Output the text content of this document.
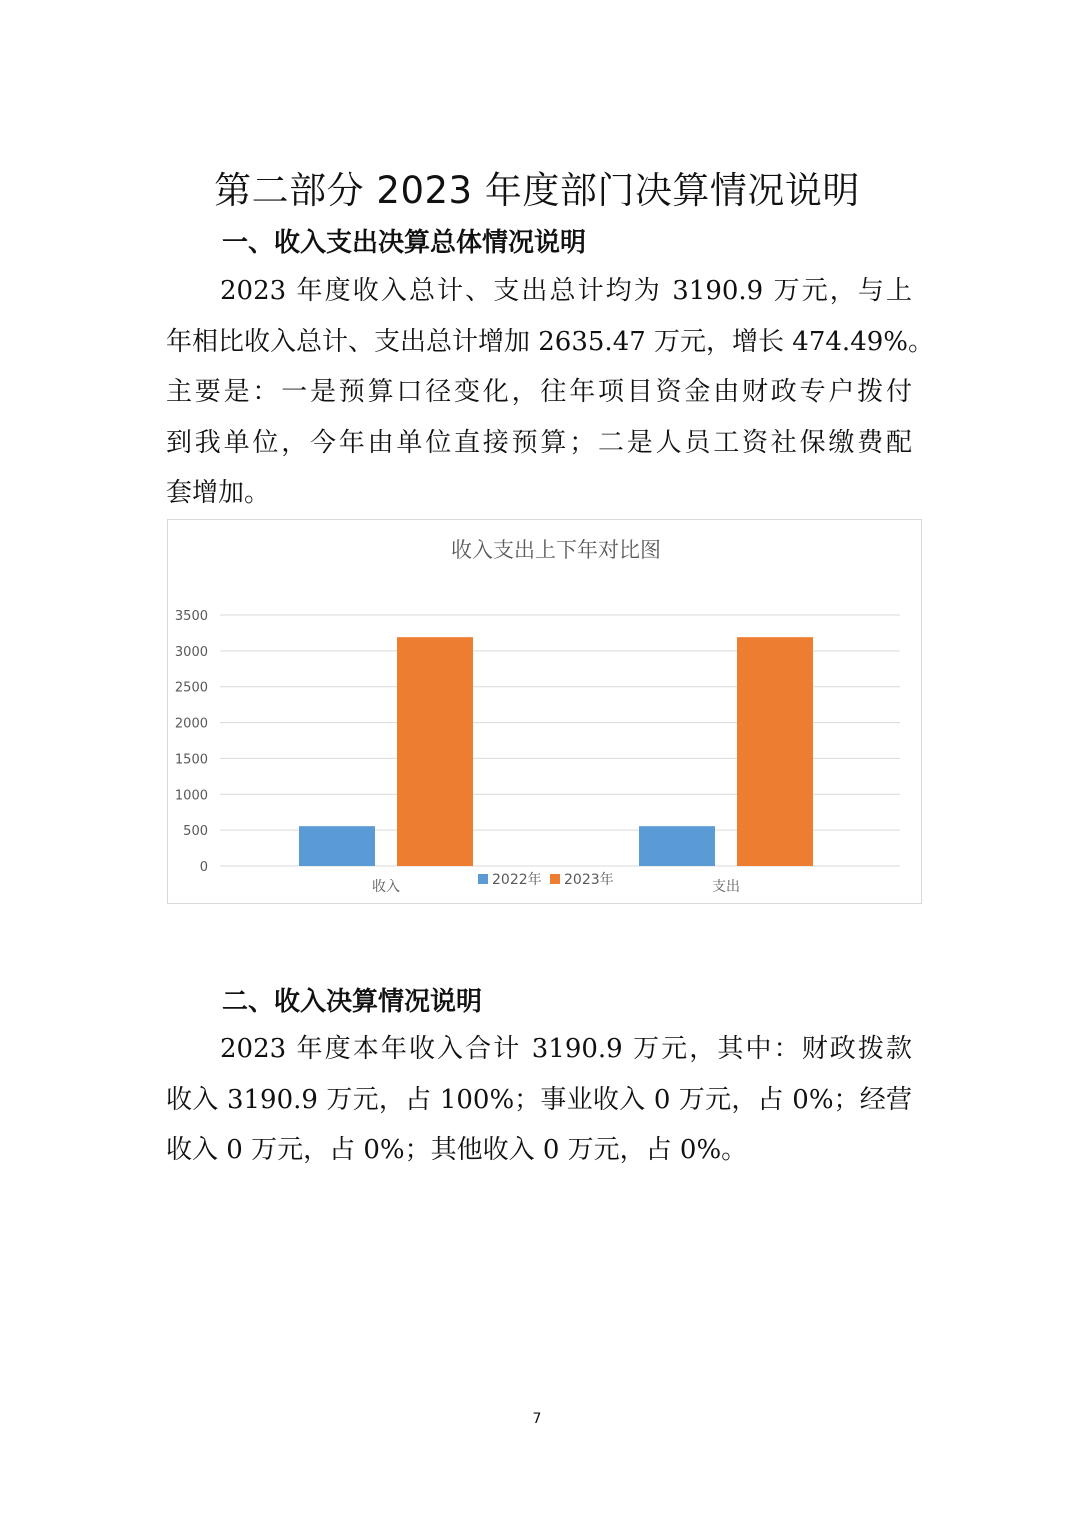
第二部分 2023 年度部门决算情况说明
一、收入支出决算总体情况说明
2023 年度收入总计、支出总计均为 3190.9 万元，与上
年相比收入总计、支出总计增加 2635.47 万元，增长 474.49%。
主要是：一是预算口径变化，往年项目资金由财政专户拨付
到我单位，今年由单位直接预算；二是人员工资社保缴费配
套增加。
收入支出上下年对比图
0
500
1000
1500
2000
2500
3000
3500
收入	支出
2022年 2023年
二、收入决算情况说明
2023 年度本年收入合计 3190.9 万元，其中：财政拨款
收入 3190.9 万元，占 100%；事业收入 0 万元，占 0%；经营
收入 0 万元，占 0%；其他收入 0 万元，占 0%。
7
